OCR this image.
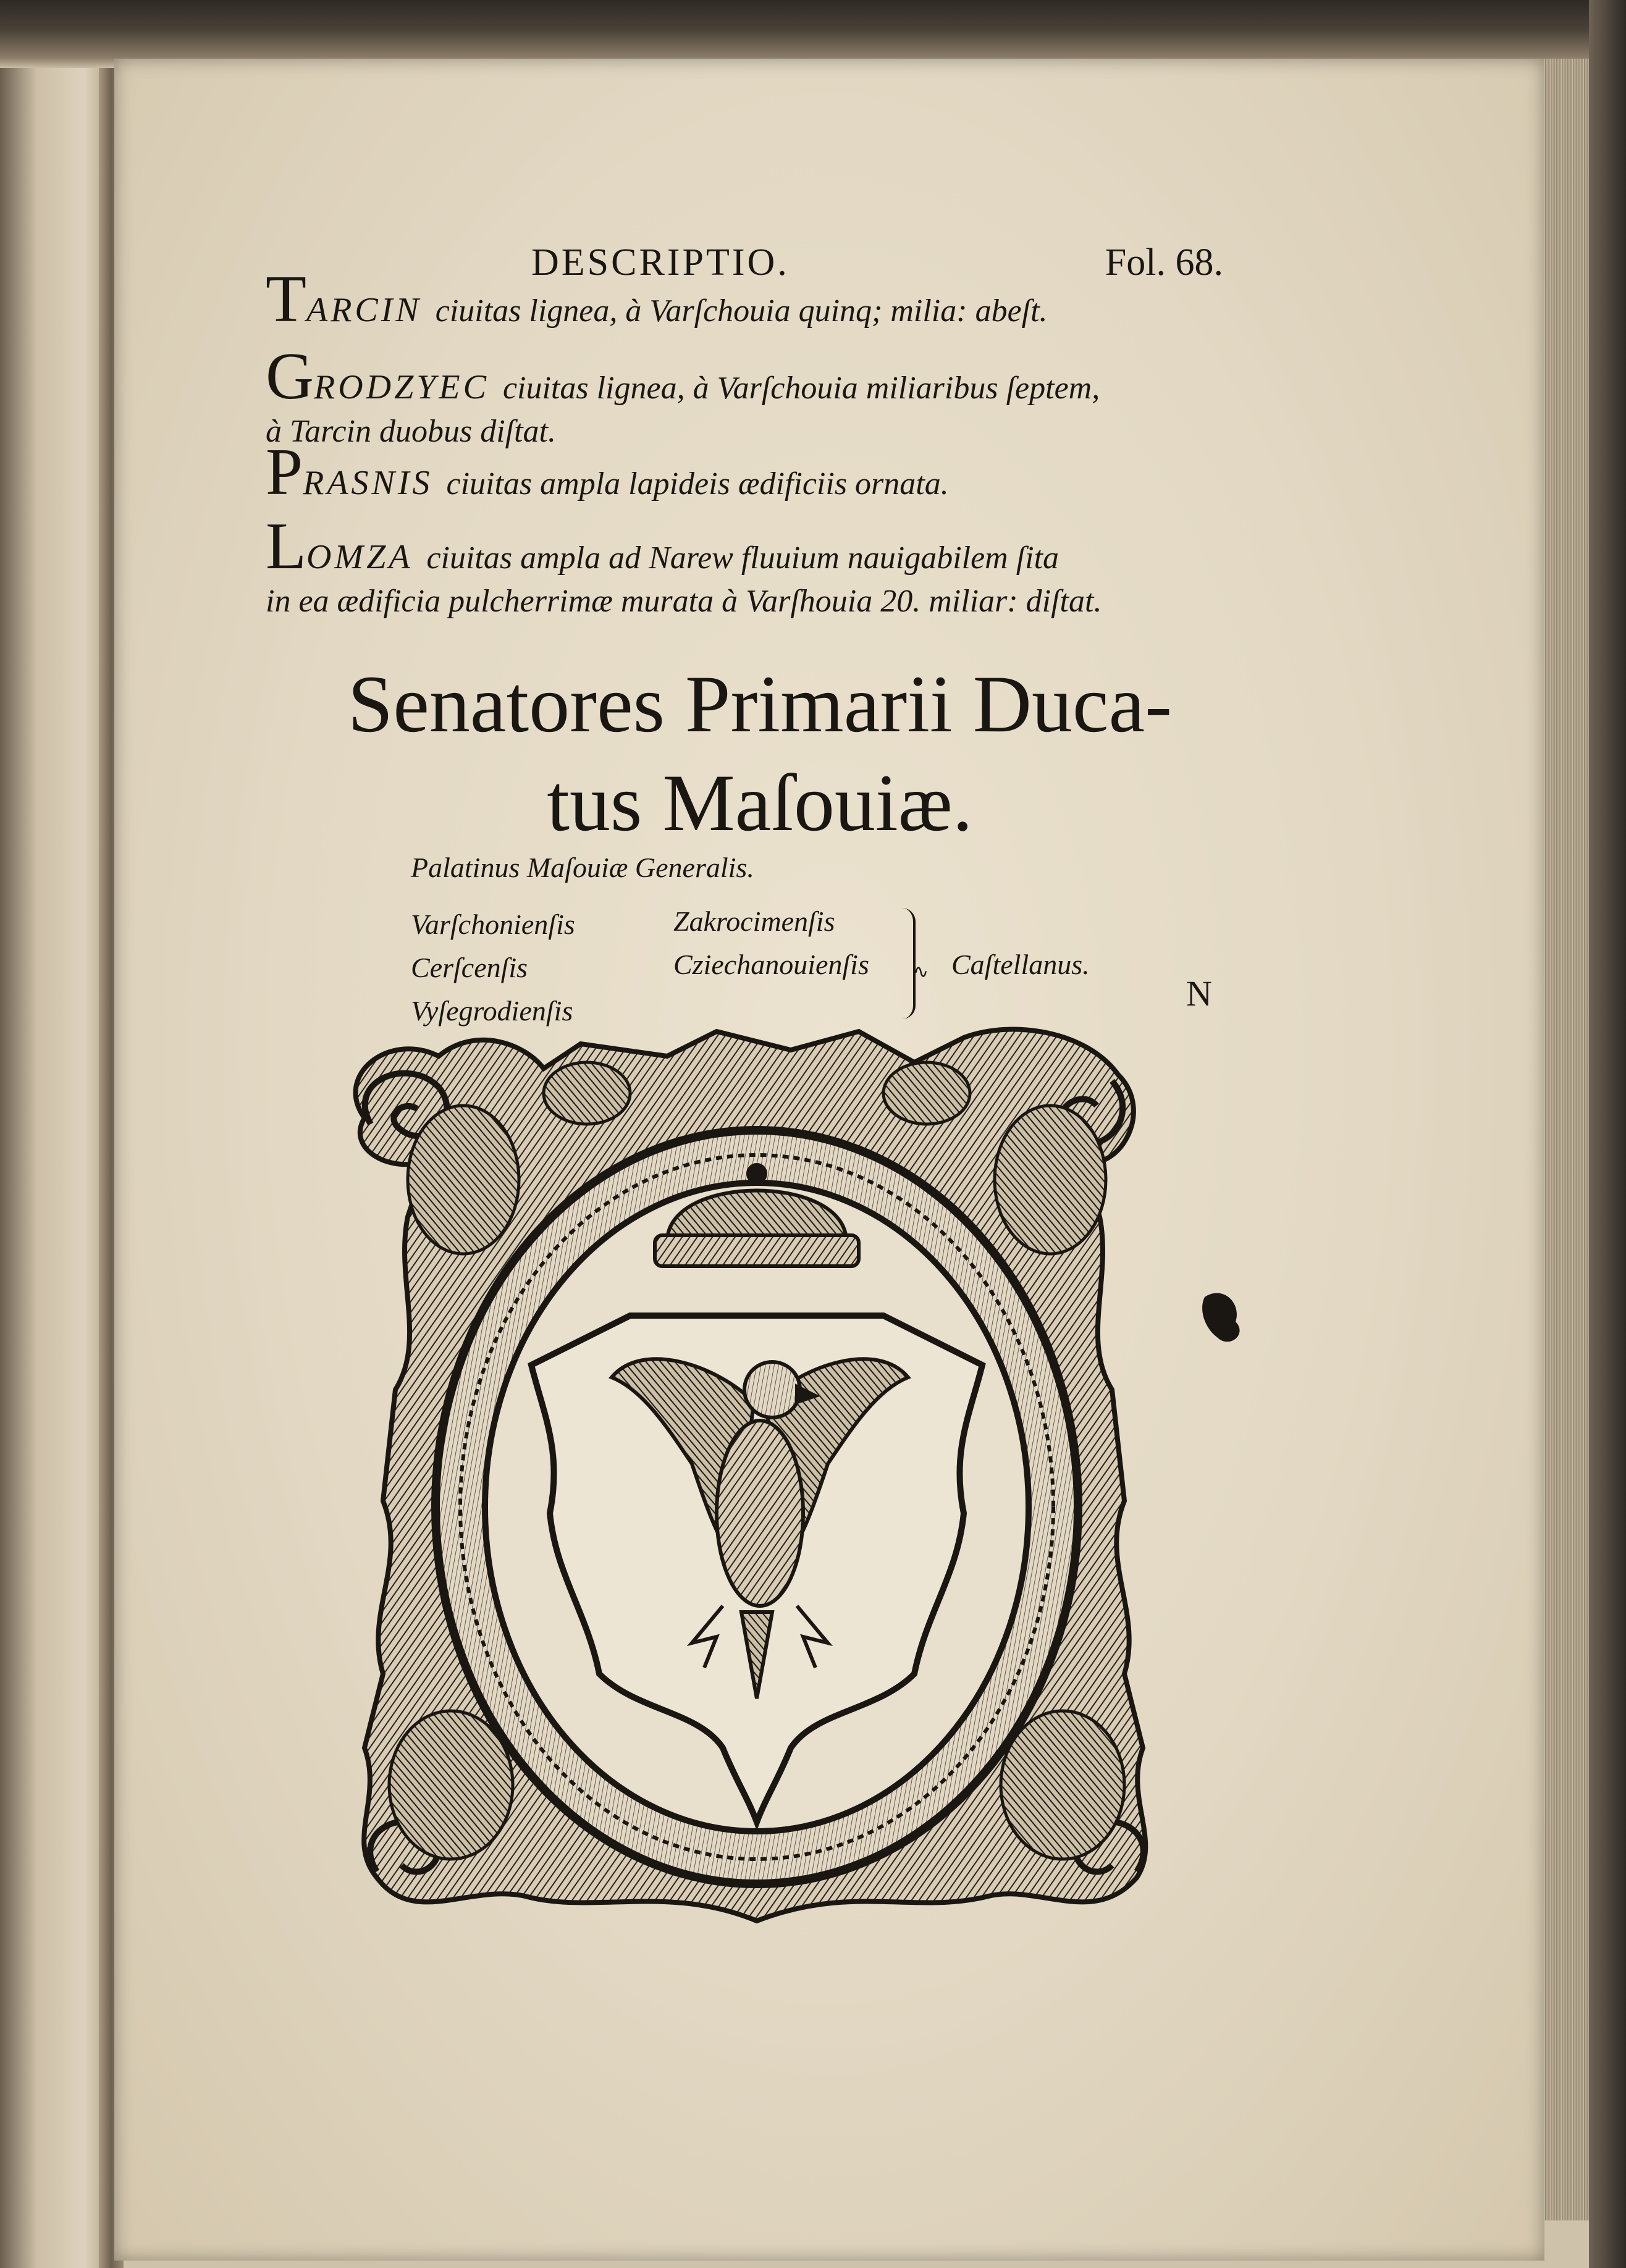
DESCRIPTIO.	Fol. 68.
TARCIN ciuitas lignea, à Varſchouia quinq; milia: abeſt.
GRODZYEC ciuitas lignea, à Varſchouia miliaribus ſeptem,
à Tarcin duobus diſtat.
PRASNIS ciuitas ampla lapideis ædificiis ornata.
LOMZA ciuitas ampla ad Narew fluuium nauigabilem ſita
in ea ædificia pulcherrimæ murata à Varſhouia 20. miliar: diſtat.
Senatores Primarii Duca-
tus Maſouiæ.
Palatinus Maſouiæ Generalis.
Varſchonienſis
Cerſcenſis
Vyſegrodienſis
Zakrocimenſis
Cziechanouienſis ∿ Caſtellanus.
N
